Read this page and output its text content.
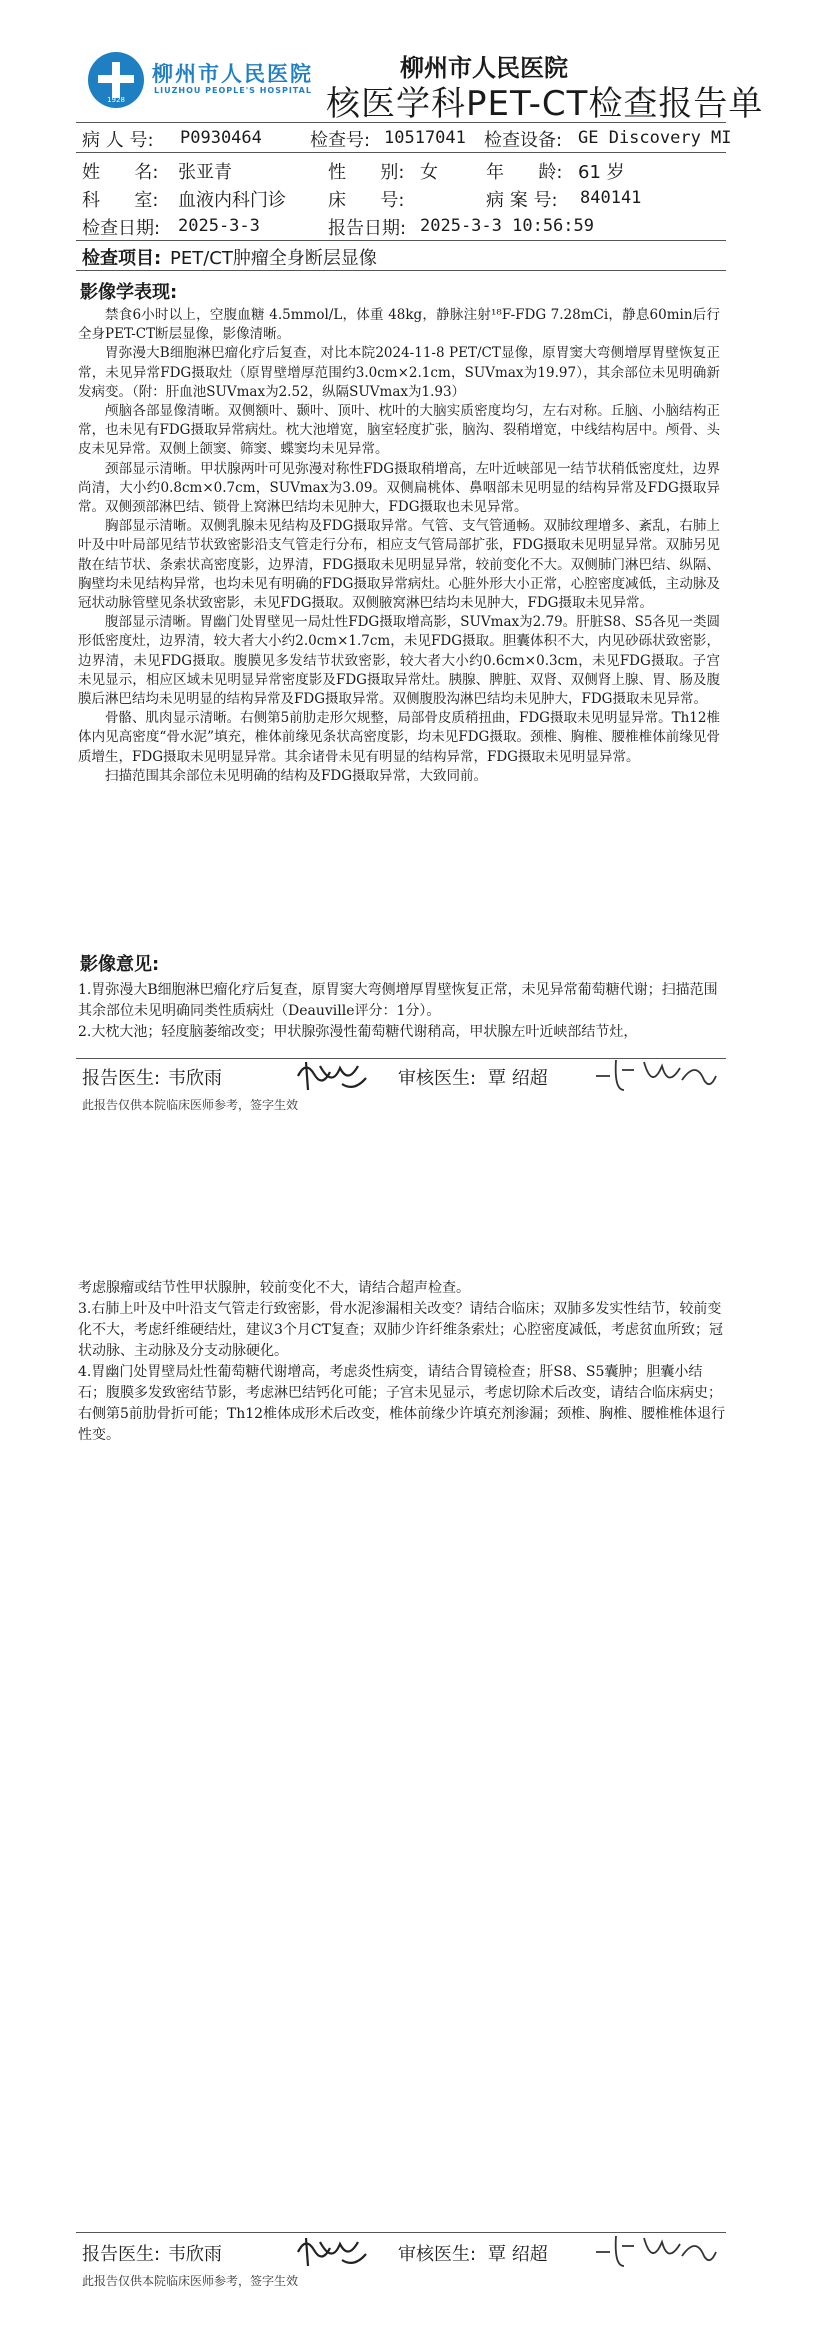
1928
柳州市人民医院
LIUZHOU PEOPLE'S HOSPITAL
柳州市人民医院
核医学科PET-CT检查报告单
病 人 号: P0930464	检查号: 10517041 检查设备: GE Discovery MI
姓      名: 张亚青	性      别: 女	年      龄: 61 岁
科      室: 血液内科门诊 床      号:	病 案 号: 840141
检查日期: 2025-3-3	报告日期: 2025-3-3 10:56:59
检查项目: PET/CT肿瘤全身断层显像
影像学表现:

禁食6小时以上，空腹血糖 4.5mmol/L，体重 48kg，静脉注射¹⁸F-FDG 7.28mCi，静息60min后行全身PET-CT断层显像，影像清晰。

胃弥漫大B细胞淋巴瘤化疗后复查，对比本院2024-11-8 PET/CT显像，原胃窦大弯侧增厚胃壁恢复正常，未见异常FDG摄取灶（原胃壁增厚范围约3.0cm×2.1cm，SUVmax为19.97），其余部位未见明确新发病变。（附：肝血池SUVmax为2.52，纵隔SUVmax为1.93）

颅脑各部显像清晰。双侧额叶、颞叶、顶叶、枕叶的大脑实质密度均匀，左右对称。丘脑、小脑结构正常，也未见有FDG摄取异常病灶。枕大池增宽，脑室轻度扩张，脑沟、裂稍增宽，中线结构居中。颅骨、头皮未见异常。双侧上颌窦、筛窦、蝶窦均未见异常。

颈部显示清晰。甲状腺两叶可见弥漫对称性FDG摄取稍增高，左叶近峡部见一结节状稍低密度灶，边界尚清，大小约0.8cm×0.7cm，SUVmax为3.09。双侧扁桃体、鼻咽部未见明显的结构异常及FDG摄取异常。双侧颈部淋巴结、锁骨上窝淋巴结均未见肿大，FDG摄取也未见异常。

胸部显示清晰。双侧乳腺未见结构及FDG摄取异常。气管、支气管通畅。双肺纹理增多、紊乱，右肺上叶及中叶局部见结节状致密影沿支气管走行分布，相应支气管局部扩张，FDG摄取未见明显异常。双肺另见散在结节状、条索状高密度影，边界清，FDG摄取未见明显异常，较前变化不大。双侧肺门淋巴结、纵隔、胸壁均未见结构异常，也均未见有明确的FDG摄取异常病灶。心脏外形大小正常，心腔密度减低，主动脉及冠状动脉管壁见条状致密影，未见FDG摄取。双侧腋窝淋巴结均未见肿大，FDG摄取未见异常。

腹部显示清晰。胃幽门处胃壁见一局灶性FDG摄取增高影，SUVmax为2.79。肝脏S8、S5各见一类圆形低密度灶，边界清，较大者大小约2.0cm×1.7cm，未见FDG摄取。胆囊体积不大，内见砂砾状致密影，边界清，未见FDG摄取。腹膜见多发结节状致密影，较大者大小约0.6cm×0.3cm，未见FDG摄取。子宫未见显示，相应区域未见明显异常密度影及FDG摄取异常灶。胰腺、脾脏、双肾、双侧肾上腺、胃、肠及腹膜后淋巴结均未见明显的结构异常及FDG摄取异常。双侧腹股沟淋巴结均未见肿大，FDG摄取未见异常。

骨骼、肌肉显示清晰。右侧第5前肋走形欠规整，局部骨皮质稍扭曲，FDG摄取未见明显异常。Th12椎体内见高密度“骨水泥”填充，椎体前缘见条状高密度影，均未见FDG摄取。颈椎、胸椎、腰椎椎体前缘见骨质增生，FDG摄取未见明显异常。其余诸骨未见有明显的结构异常，FDG摄取未见明显异常。

扫描范围其余部位未见明确的结构及FDG摄取异常，大致同前。

影像意见:

1.胃弥漫大B细胞淋巴瘤化疗后复查，原胃窦大弯侧增厚胃壁恢复正常，未见异常葡萄糖代谢；扫描范围其余部位未见明确同类性质病灶（Deauville评分：1分）。

2.大枕大池；轻度脑萎缩改变；甲状腺弥漫性葡萄糖代谢稍高，甲状腺左叶近峡部结节灶，

报告医生: 韦欣雨	审核医生: 覃 绍超
此报告仅供本院临床医师参考，签字生效

考虑腺瘤或结节性甲状腺肿，较前变化不大，请结合超声检查。

3.右肺上叶及中叶沿支气管走行致密影，骨水泥渗漏相关改变？请结合临床；双肺多发实性结节，较前变化不大，考虑纤维硬结灶，建议3个月CT复查；双肺少许纤维条索灶；心腔密度减低，考虑贫血所致；冠状动脉、主动脉及分支动脉硬化。

4.胃幽门处胃壁局灶性葡萄糖代谢增高，考虑炎性病变，请结合胃镜检查；肝S8、S5囊肿；胆囊小结石；腹膜多发致密结节影，考虑淋巴结钙化可能；子宫未见显示，考虑切除术后改变，请结合临床病史；右侧第5前肋骨折可能；Th12椎体成形术后改变，椎体前缘少许填充剂渗漏；颈椎、胸椎、腰椎椎体退行性变。

报告医生: 韦欣雨	审核医生: 覃 绍超
此报告仅供本院临床医师参考，签字生效
